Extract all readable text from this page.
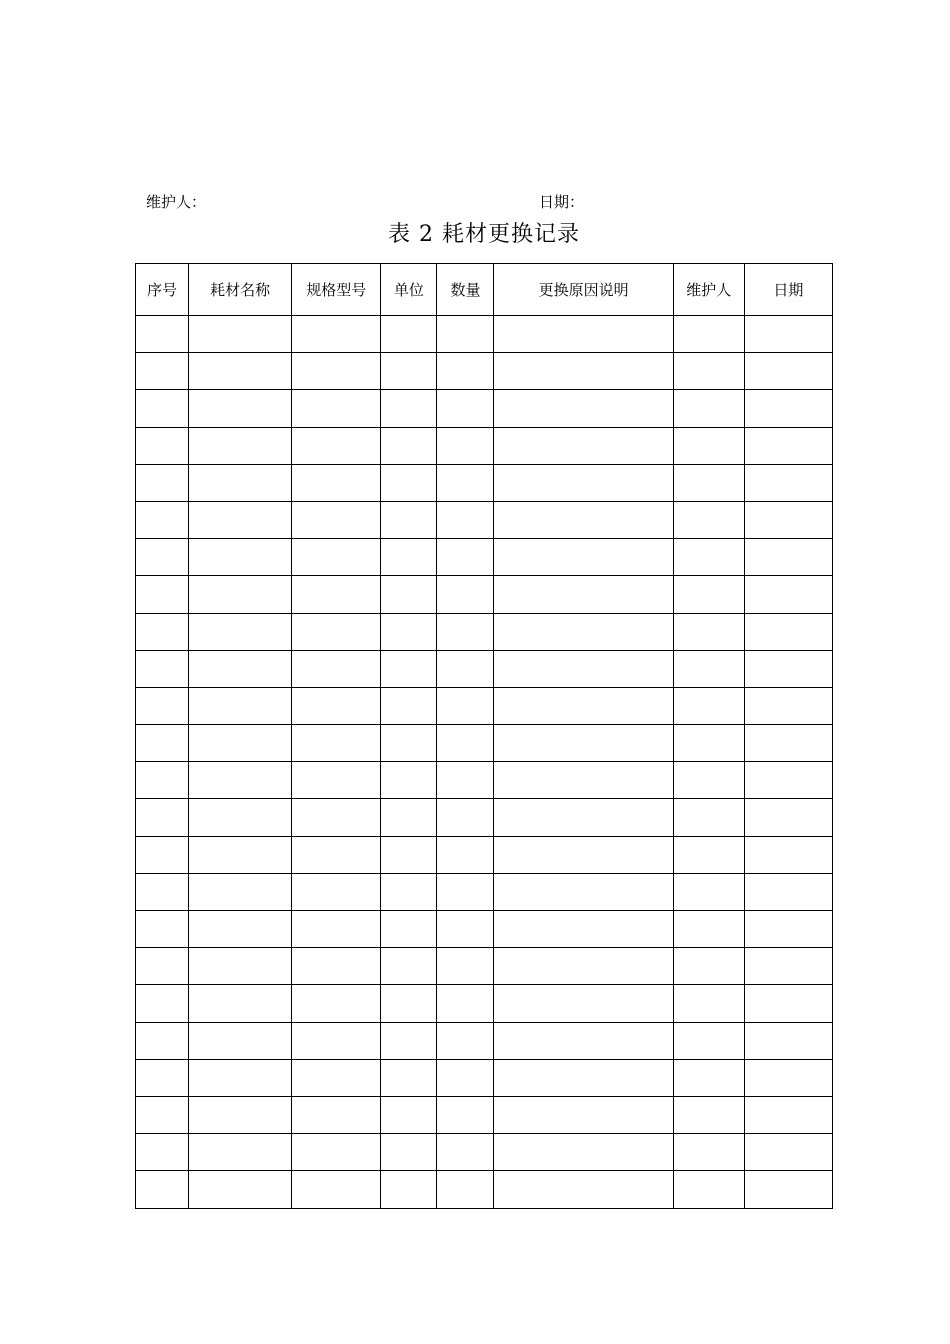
维护人：	日期：
表 2 耗材更换记录
序号	耗材名称	规格型号	单位	数量	更换原因说明	维护人	日期
